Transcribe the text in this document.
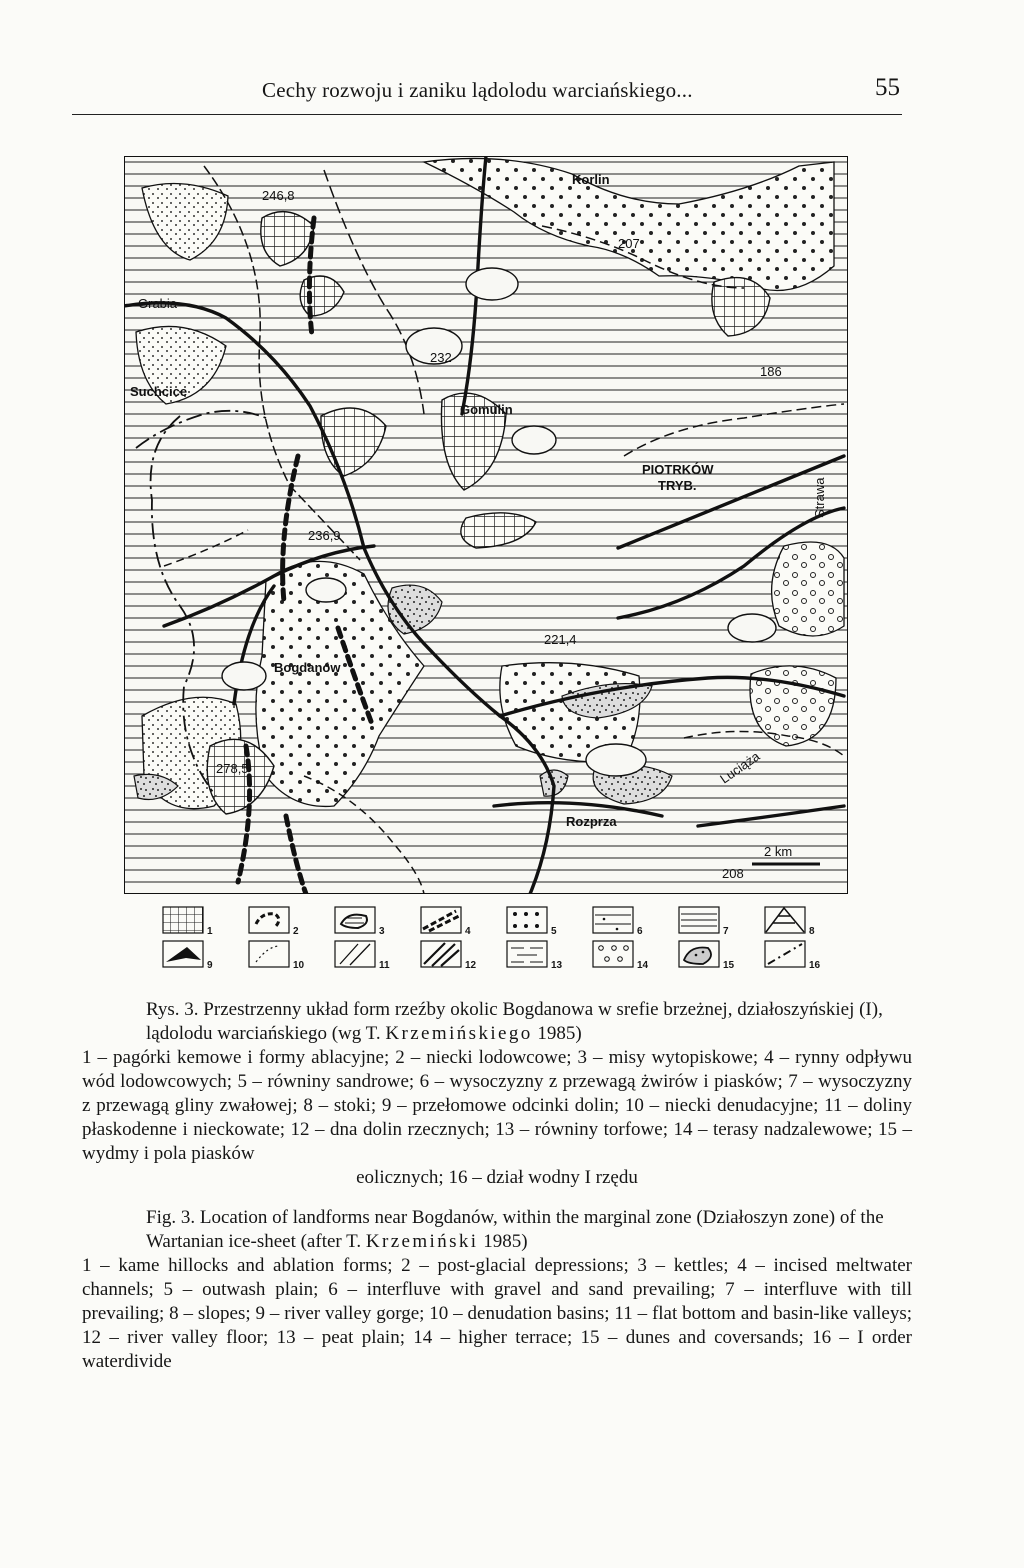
Cechy rozwoju i zaniku lądolodu warciańskiego...	55
Korlin
207
Grabia
232
186
Suchcice
Gomulin
PIOTRKÓW
TRYB.	Strawa
236,9
221,4
Bogdanów
278,5	Luciąża
Rozprza
2 km
208
246,8
1	2	3	4	5	6	7	8
9	10	11	12	13	14	15	16

Rys. 3. Przestrzenny układ form rzeźby okolic Bogdanowa w srefie brzeżnej, działoszyńskiej (I), lądolodu warciańskiego (wg T. Krzemińskiego 1985)

1 – pagórki kemowe i formy ablacyjne; 2 – niecki lodowcowe; 3 – misy wytopiskowe; 4 – rynny odpływu wód lodowcowych; 5 – równiny sandrowe; 6 – wysoczyzny z przewagą żwirów i piasków; 7 – wysoczyzny z przewagą gliny zwałowej; 8 – stoki; 9 – przełomowe odcinki dolin; 10 – niecki denudacyjne; 11 – doliny płaskodenne i nieckowate; 12 – dna dolin rzecznych; 13 – równiny torfowe; 14 – terasy nadzalewowe; 15 – wydmy i pola piasków

eolicznych; 16 – dział wodny I rzędu

Fig. 3. Location of landforms near Bogdanów, within the marginal zone (Działoszyn zone) of the Wartanian ice-sheet (after T. Krzemiński 1985)

1 – kame hillocks and ablation forms; 2 – post-glacial depressions; 3 – kettles; 4 – incised meltwater channels; 5 – outwash plain; 6 – interfluve with gravel and sand prevailing; 7 – interfluve with till prevailing; 8 – slopes; 9 – river valley gorge; 10 – denudation basins; 11 – flat bottom and basin-like valleys; 12 – river valley floor; 13 – peat plain; 14 – higher terrace; 15 – dunes and coversands; 16 – I order waterdivide
